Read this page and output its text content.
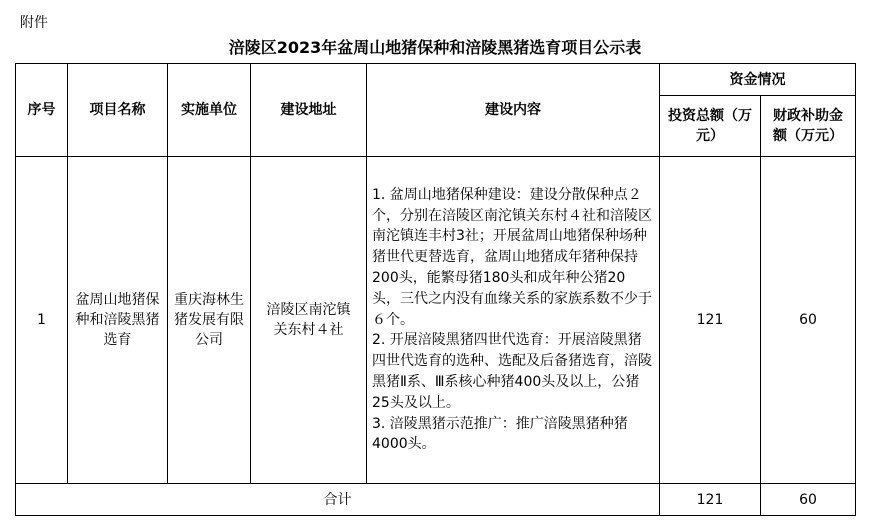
附件
涪陵区2023年盆周山地猪保种和涪陵黑猪选育项目公示表
序号	项目名称	实施单位	建设地址	建设内容	资金情况	

					投资总额（万元）	财政补助金额（万元）

1	盆周山地猪保种和涪陵黑猪选育	重庆海林生猪发展有限公司	涪陵区南沱镇关东村４社	1. 盆周山地猪保种建设：建设分散保种点２个，分别在涪陵区南沱镇关东村４社和涪陵区南沱镇连丰村3社；开展盆周山地猪保种场种猪世代更替选育，盆周山地猪成年猪种保持200头，能繁母猪180头和成年种公猪20头，三代之内没有血缘关系的家族系数不少于６个。

2. 开展涪陵黑猪四世代选育：开展涪陵黑猪四世代选育的选种、选配及后备猪选育，涪陵黑猪Ⅱ系、Ⅲ系核心种猪400头及以上，公猪25头及以上。

3. 涪陵黑猪示范推广：推广涪陵黑猪种猪4000头。	121	60
合计					121	60
